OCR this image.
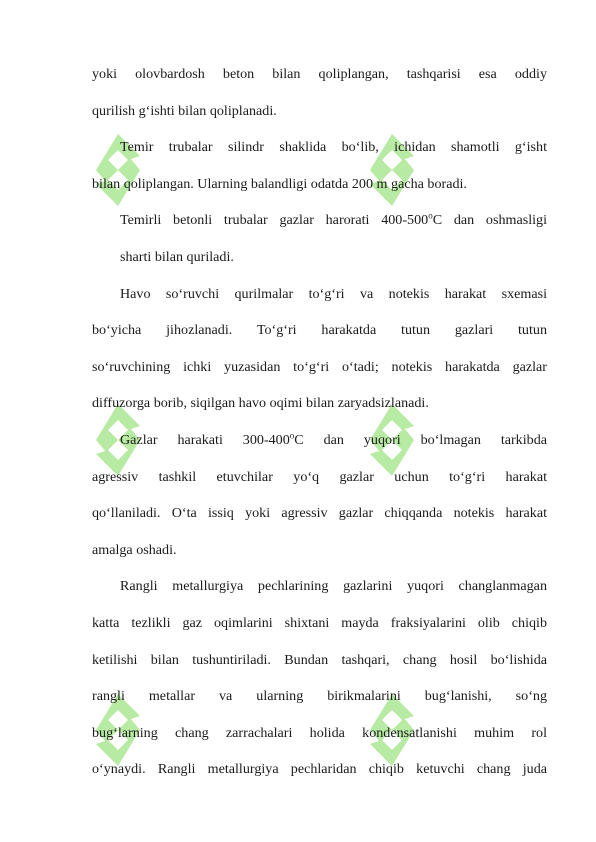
yoki olovbardosh beton bilan qoliplangan, tashqarisi esa oddiy
qurilish g‘ishti bilan qoliplanadi.
Temir trubalar silindr shaklida bo‘lib, ichidan shamotli g‘isht
bilan qoliplangan. Ularning balandligi odatda 200 m gacha boradi.
Temirli betonli trubalar gazlar harorati 400-500$^o$C dan oshmasligi
sharti bilan quriladi.
Havo so‘ruvchi qurilmalar to‘g‘ri va notekis harakat sxemasi
bo‘yicha jihozlanadi. To‘g‘ri harakatda tutun gazlari tutun
so‘ruvchining ichki yuzasidan to‘g‘ri o‘tadi; notekis harakatda gazlar
diffuzorga borib, siqilgan havo oqimi bilan zaryadsizlanadi.
Gazlar harakati 300-400$^o$C dan yuqori bo‘lmagan tarkibda
agressiv tashkil etuvchilar yo‘q gazlar uchun to‘g‘ri harakat
qo‘llaniladi. O‘ta issiq yoki agressiv gazlar chiqqanda notekis harakat
amalga oshadi.
Rangli metallurgiya pechlarining gazlarini yuqori changlanmagan
katta tezlikli gaz oqimlarini shixtani mayda fraksiyalarini olib chiqib
ketilishi bilan tushuntiriladi. Bundan tashqari, chang hosil bo‘lishida
rangli metallar va ularning birikmalarini bug‘lanishi, so‘ng
bug‘larning chang zarrachalari holida kondensatlanishi muhim rol
o‘ynaydi. Rangli metallurgiya pechlaridan chiqib ketuvchi chang juda
